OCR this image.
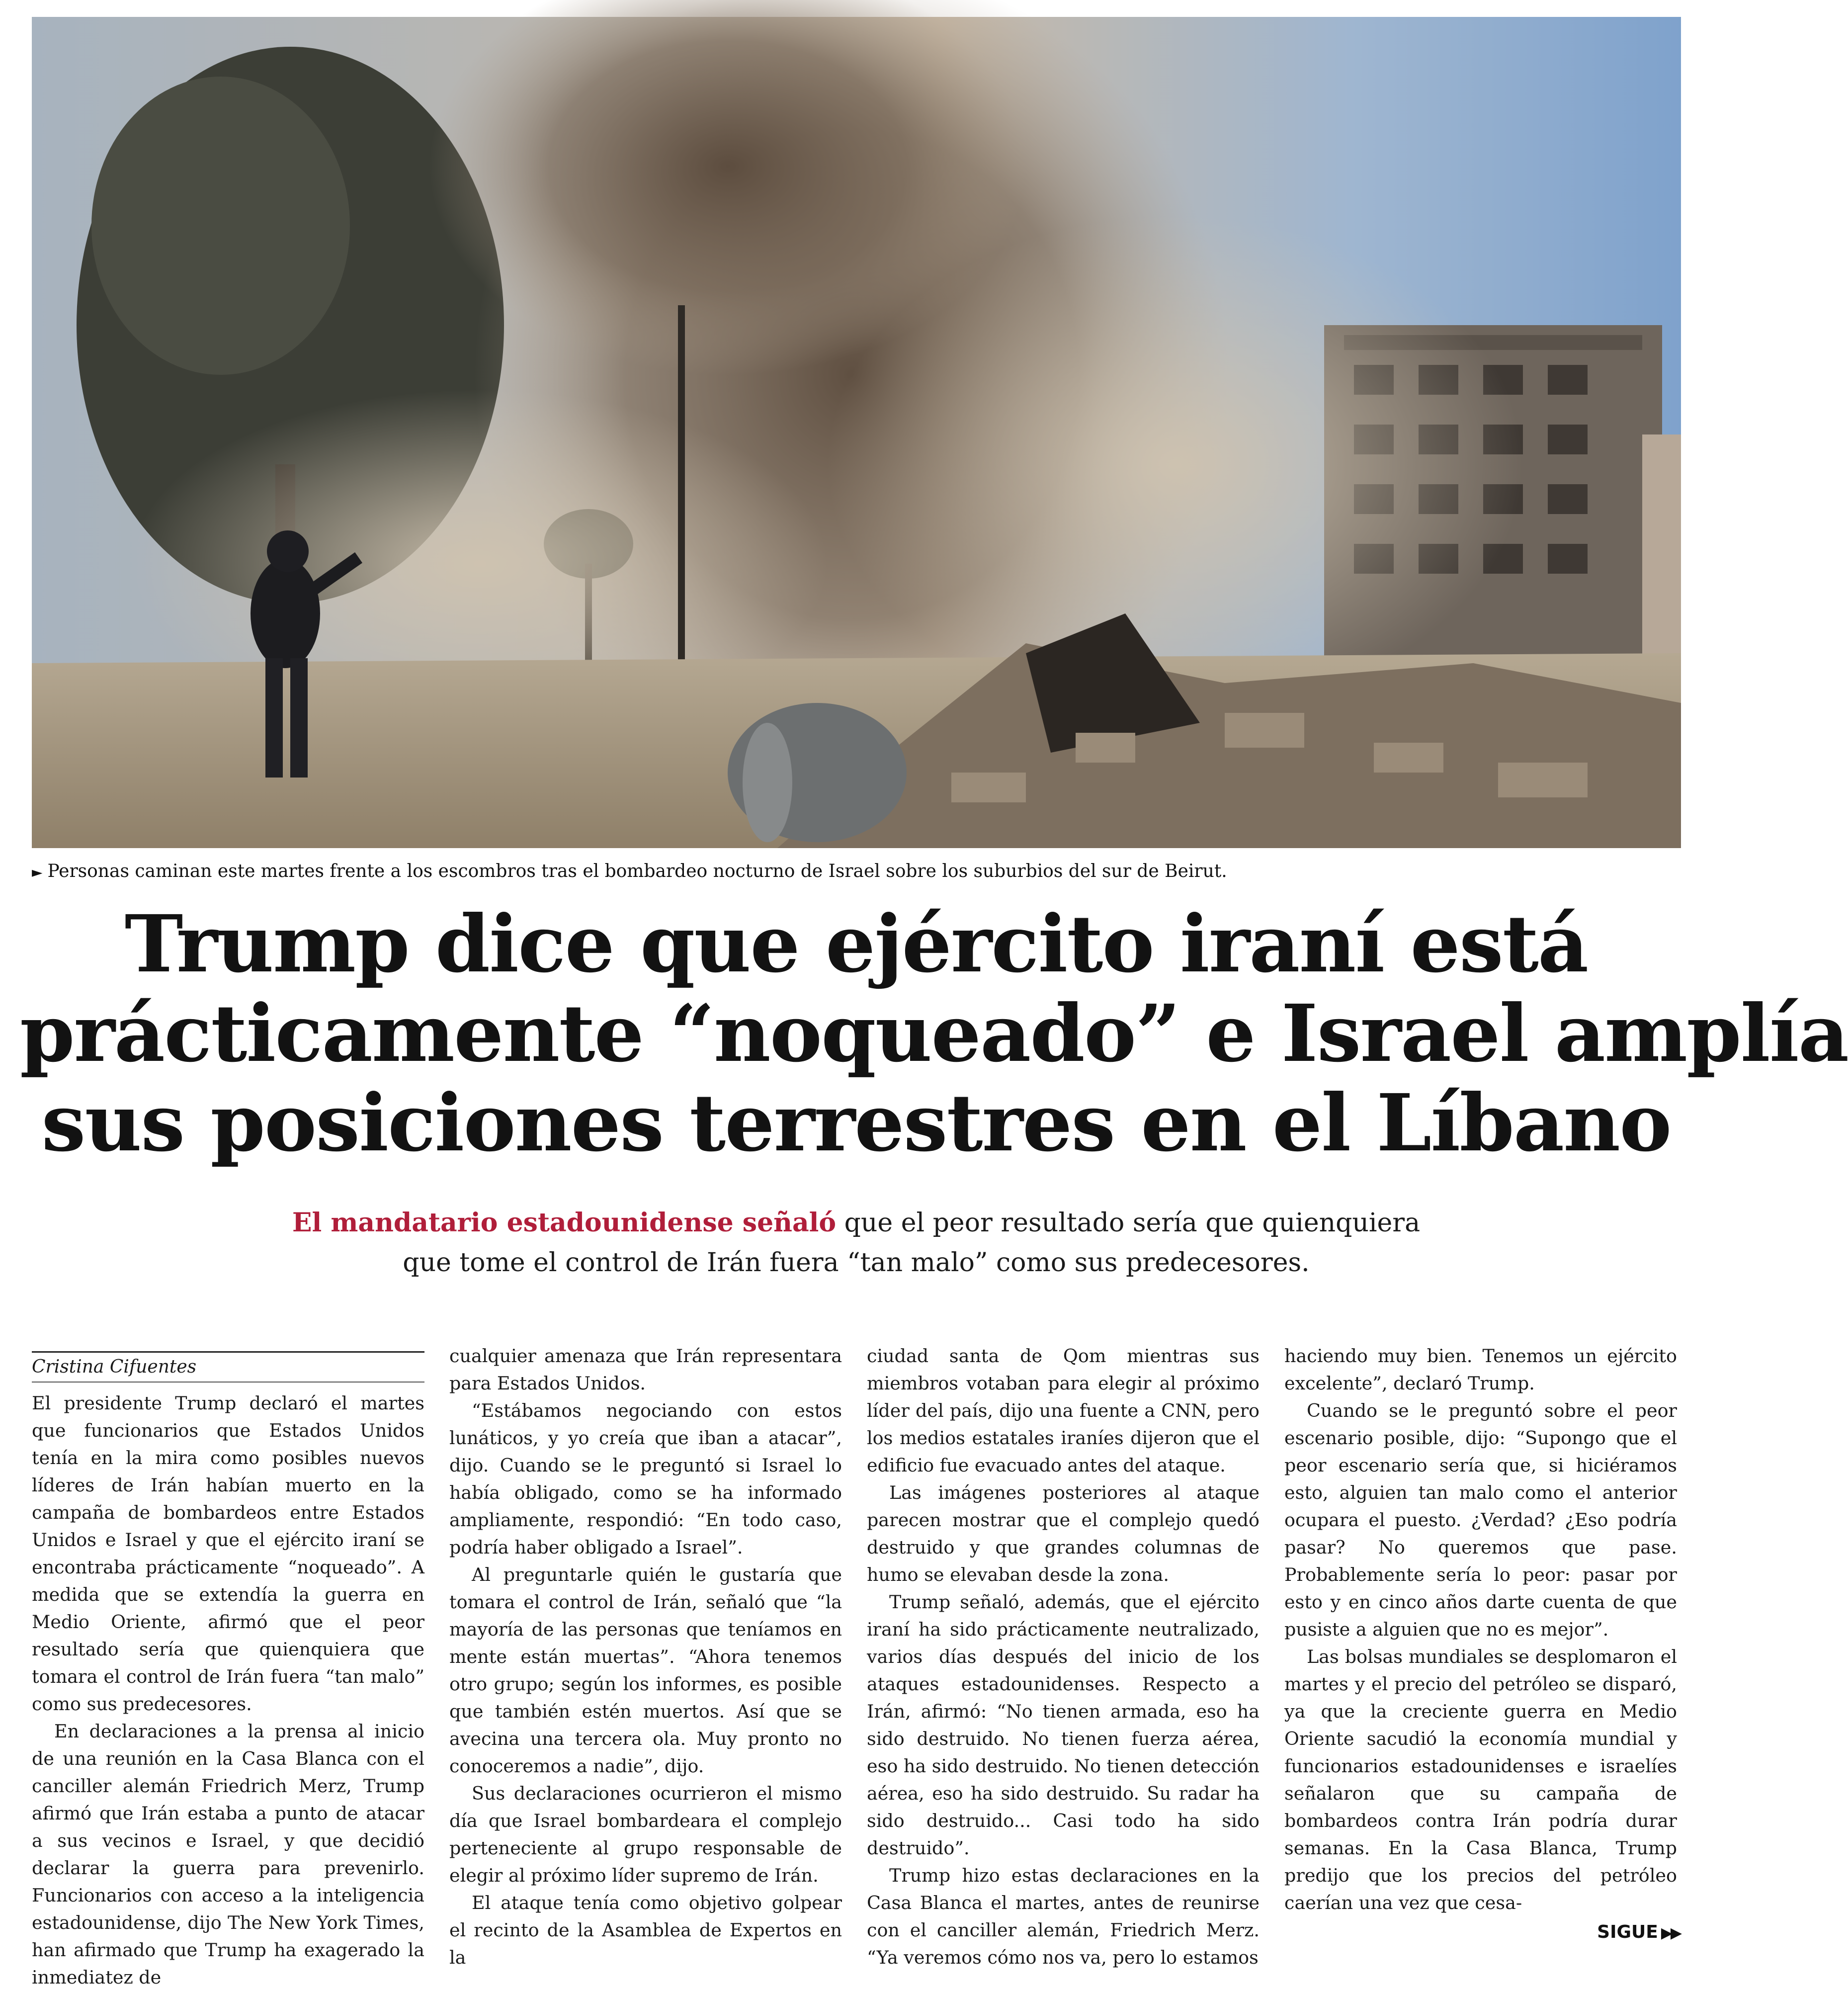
► Personas caminan este martes frente a los escombros tras el bombardeo nocturno de Israel sobre los suburbios del sur de Beirut.
Trump dice que ejército iraní está
prácticamente “noqueado” e Israel amplía
sus posiciones terrestres en el Líbano

El mandatario estadounidense señaló que el peor resultado sería que quienquiera
que tome el control de Irán fuera “tan malo” como sus predecesores.

Cristina Cifuentes

El presidente Trump declaró el martes que funcionarios que Estados Unidos tenía en la mira como posibles nuevos líderes de Irán habían muerto en la campaña de bombardeos entre Estados Unidos e Israel y que el ejército iraní se encontraba prácticamente “noqueado”. A medida que se extendía la guerra en Medio Oriente, afirmó que el peor resultado sería que quienquiera que tomara el control de Irán fuera “tan malo” como sus predecesores.

En declaraciones a la prensa al inicio de una reunión en la Casa Blanca con el canciller alemán Friedrich Merz, Trump afirmó que Irán estaba a punto de atacar a sus vecinos e Israel, y que decidió declarar la guerra para prevenirlo. Funcionarios con acceso a la inteligencia estadounidense, dijo The New York Times, han afirmado que Trump ha exagerado la inmediatez de

cualquier amenaza que Irán representara para Estados Unidos.

“Estábamos negociando con estos lunáticos, y yo creía que iban a atacar”, dijo. Cuando se le preguntó si Israel lo había obligado, como se ha informado ampliamente, respondió: “En todo caso, podría haber obligado a Israel”.

Al preguntarle quién le gustaría que tomara el control de Irán, señaló que “la mayoría de las personas que teníamos en mente están muertas”. “Ahora tenemos otro grupo; según los informes, es posible que también estén muertos. Así que se avecina una tercera ola. Muy pronto no conoceremos a nadie”, dijo.

Sus declaraciones ocurrieron el mismo día que Israel bombardeara el complejo perteneciente al grupo responsable de elegir al próximo líder supremo de Irán.

El ataque tenía como objetivo golpear el recinto de la Asamblea de Expertos en la

ciudad santa de Qom mientras sus miembros votaban para elegir al próximo líder del país, dijo una fuente a CNN, pero los medios estatales iraníes dijeron que el edificio fue evacuado antes del ataque.

Las imágenes posteriores al ataque parecen mostrar que el complejo quedó destruido y que grandes columnas de humo se elevaban desde la zona.

Trump señaló, además, que el ejército iraní ha sido prácticamente neutralizado, varios días después del inicio de los ataques estadounidenses. Respecto a Irán, afirmó: “No tienen armada, eso ha sido destruido. No tienen fuerza aérea, eso ha sido destruido. No tienen detección aérea, eso ha sido destruido. Su radar ha sido destruido... Casi todo ha sido destruido”.

Trump hizo estas declaraciones en la Casa Blanca el martes, antes de reunirse con el canciller alemán, Friedrich Merz. “Ya veremos cómo nos va, pero lo estamos

haciendo muy bien. Tenemos un ejército excelente”, declaró Trump.

Cuando se le preguntó sobre el peor escenario posible, dijo: “Supongo que el peor escenario sería que, si hiciéramos esto, alguien tan malo como el anterior ocupara el puesto. ¿Verdad? ¿Eso podría pasar? No queremos que pase. Probablemente sería lo peor: pasar por esto y en cinco años darte cuenta de que pusiste a alguien que no es mejor”.

Las bolsas mundiales se desplomaron el martes y el precio del petróleo se disparó, ya que la creciente guerra en Medio Oriente sacudió la economía mundial y funcionarios estadounidenses e israelíes señalaron que su campaña de bombardeos contra Irán podría durar semanas. En la Casa Blanca, Trump predijo que los precios del petróleo caerían una vez que cesa-

SIGUE ▶▶
